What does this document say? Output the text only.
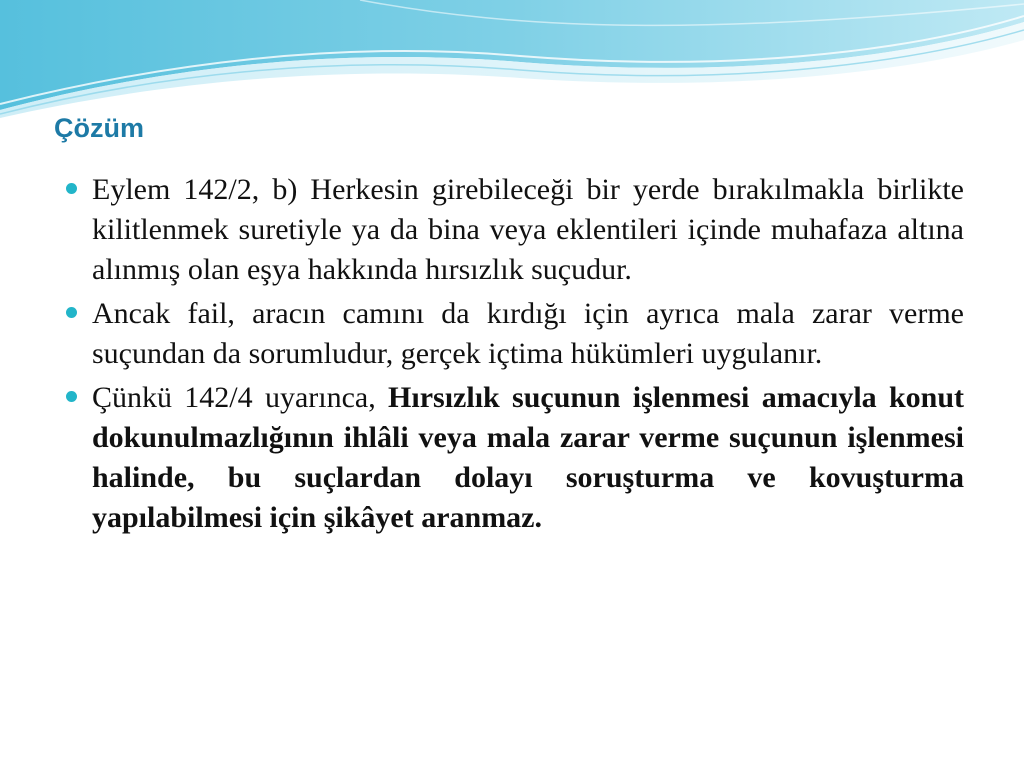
Çözüm
Eylem 142/2, b) Herkesin girebileceği bir yerde bırakılmakla birlikte kilitlenmek suretiyle ya da bina veya eklentileri içinde muhafaza altına alınmış olan eşya hakkında hırsızlık suçudur.
Ancak fail, aracın camını da kırdığı için ayrıca mala zarar verme suçundan da sorumludur, gerçek içtima hükümleri uygulanır.
Çünkü 142/4 uyarınca, Hırsızlık suçunun işlenmesi amacıyla konut dokunulmazlığının ihlâli veya mala zarar verme suçunun işlenmesi halinde, bu suçlardan dolayı soruşturma ve kovuşturma yapılabilmesi için şikâyet aranmaz.
